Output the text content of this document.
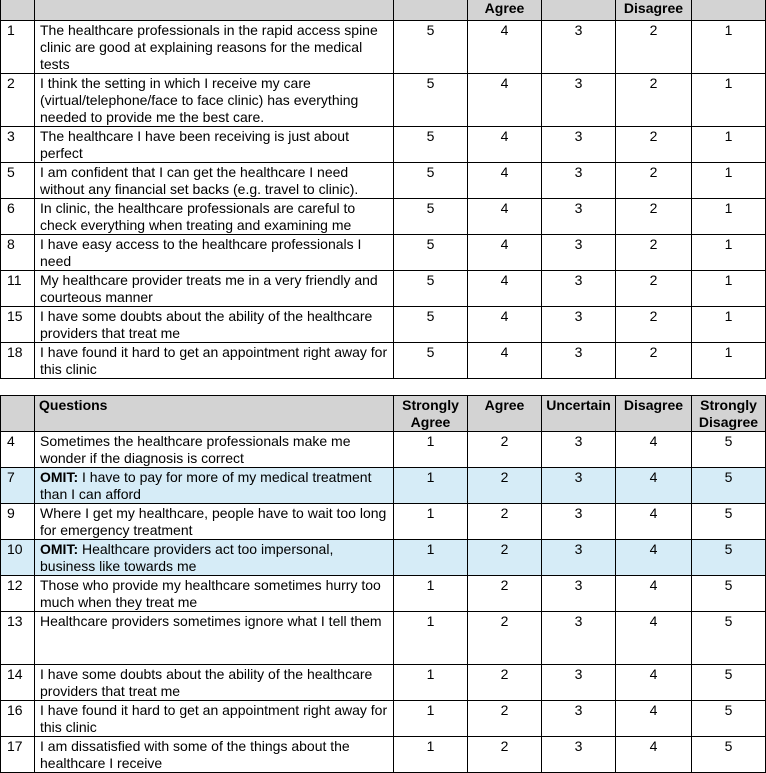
			Agree		Disagree	
1	The healthcare professionals in the rapid access spine clinic are good at explaining reasons for the medical tests	5	4	3	2	1
2	I think the setting in which I receive my care (virtual/telephone/face to face clinic) has everything needed to provide me the best care.	5	4	3	2	1
3	The healthcare I have been receiving is just about perfect	5	4	3	2	1
5	I am confident that I can get the healthcare I need without any financial set backs (e.g. travel to clinic).	5	4	3	2	1
6	In clinic, the healthcare professionals are careful to check everything when treating and examining me	5	4	3	2	1
8	I have easy access to the healthcare professionals I need	5	4	3	2	1
11	My healthcare provider treats me in a very friendly and courteous manner	5	4	3	2	1
15	I have some doubts about the ability of the healthcare providers that treat me	5	4	3	2	1
18	I have found it hard to get an appointment right away for this clinic	5	4	3	2	1
	Questions	Strongly Agree	Agree	Uncertain	Disagree	Strongly Disagree
4	Sometimes the healthcare professionals make me wonder if the diagnosis is correct	1	2	3	4	5
7	OMIT: I have to pay for more of my medical treatment than I can afford	1	2	3	4	5
9	Where I get my healthcare, people have to wait too long for emergency treatment	1	2	3	4	5
10	OMIT: Healthcare providers act too impersonal, business like towards me	1	2	3	4	5
12	Those who provide my healthcare sometimes hurry too much when they treat me	1	2	3	4	5
13	Healthcare providers sometimes ignore what I tell them	1	2	3	4	5
14	I have some doubts about the ability of the healthcare providers that treat me	1	2	3	4	5
16	I have found it hard to get an appointment right away for this clinic	1	2	3	4	5
17	I am dissatisfied with some of the things about the healthcare I receive	1	2	3	4	5
